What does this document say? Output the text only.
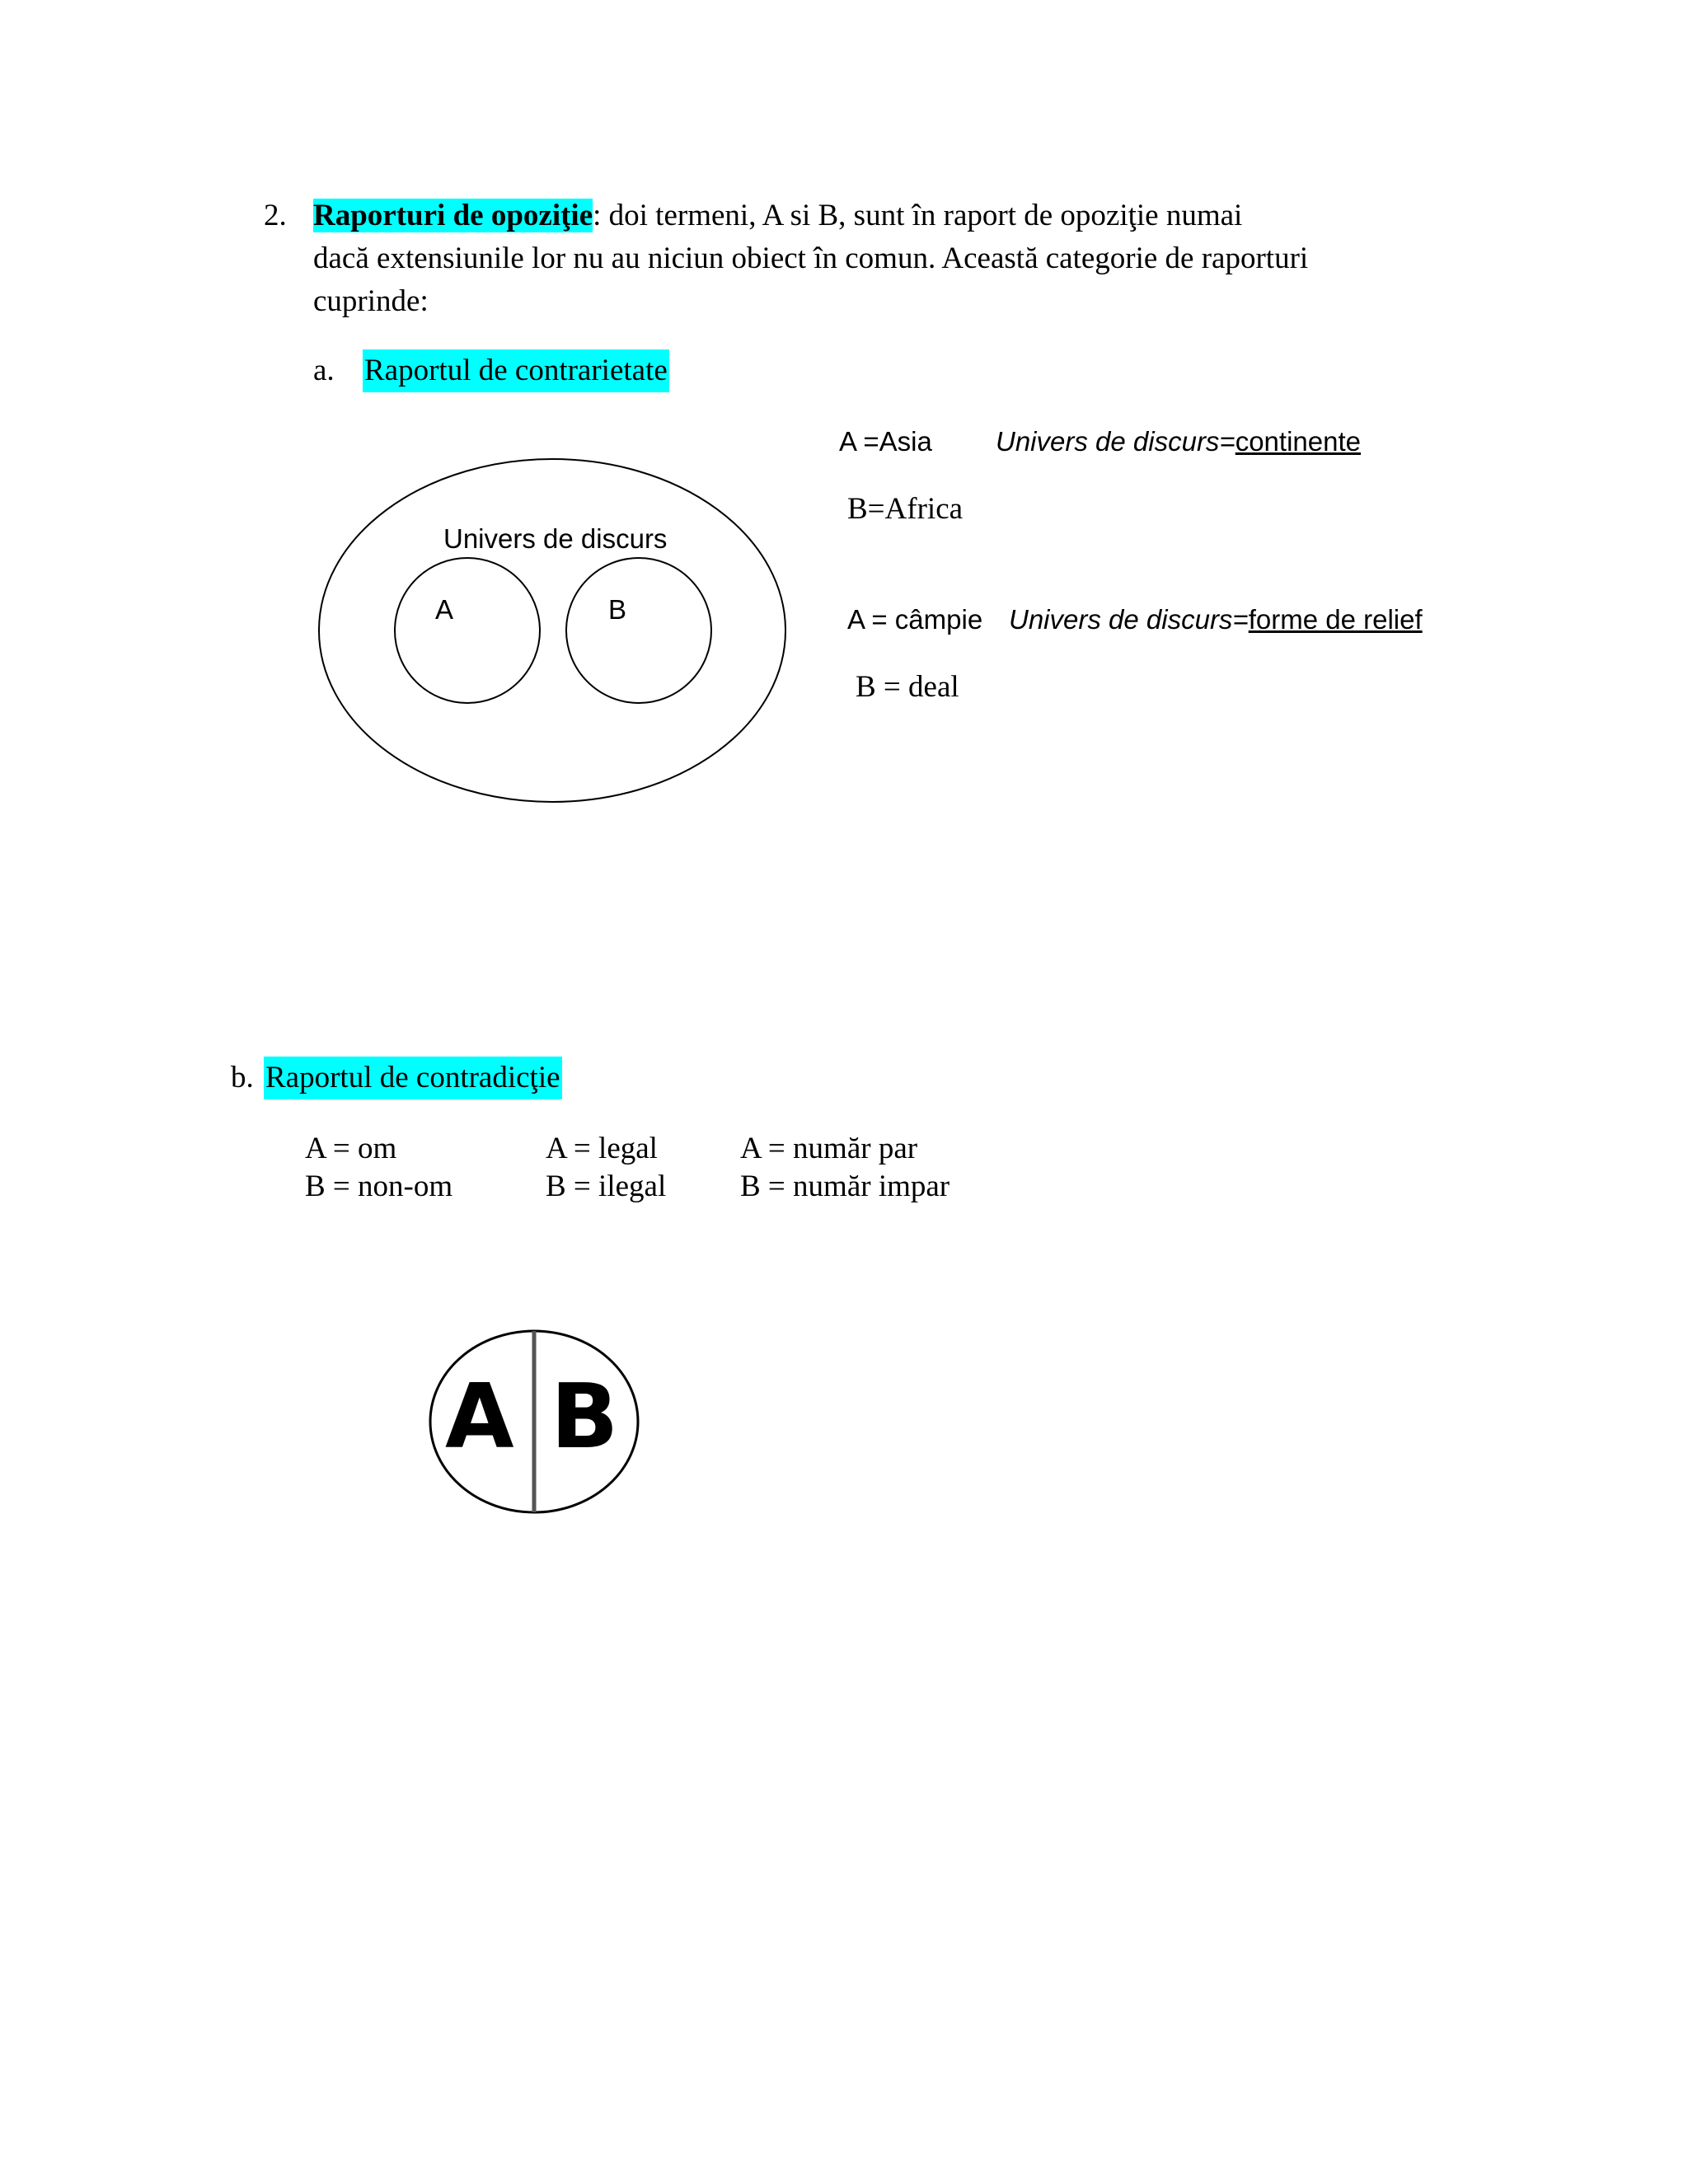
2. Raporturi de opoziţie: doi termeni, A si B, sunt în raport de opoziţie numai
dacă extensiunile lor nu au niciun obiect în comun. Această categorie de raporturi
cuprinde:
a. Raportul de contrarietate
Univers de discurs
A	B
A =Asia Univers de discurs=continente
B=Africa
A = câmpie Univers de discurs=forme de relief
B = deal
b. Raportul de contradicţie
A = om
B = non-om
A = legal
B = ilegal
A = număr par
B = număr impar
A B
